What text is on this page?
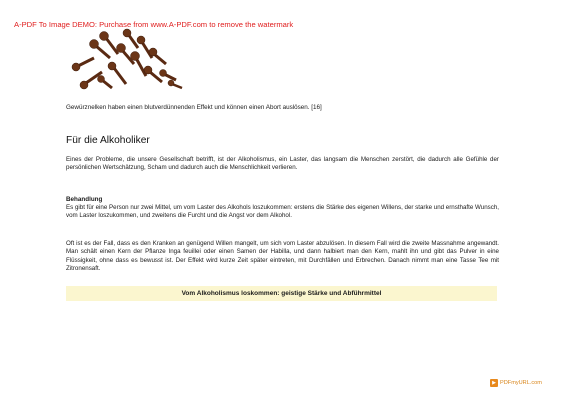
A-PDF To Image DEMO: Purchase from www.A-PDF.com to remove the watermark
Gewürznelken haben einen blutverdünnenden Effekt und können einen Abort auslösen. [16]
Für die Alkoholiker

Eines der Probleme, die unsere Gesellschaft betrifft, ist der Alkoholismus, ein Laster, das langsam die Menschen zerstört, die dadurch alle Gefühle der persönlichen Wertschätzung, Scham und dadurch auch die Menschlichkeit verlieren.

Behandlung

Es gibt für eine Person nur zwei Mittel, um vom Laster des Alkohols loszukommen: erstens die Stärke des eigenen Willens, der starke und ernsthafte Wunsch, vom Laster loszukommen, und zweitens die Furcht und die Angst vor dem Alkohol.

Oft ist es der Fall, dass es den Kranken an genügend Willen mangelt, um sich vom Laster abzulösen. In diesem Fall wird die zweite Massnahme angewandt. Man schält einen Kern der Pflanze Inga feuillei oder einen Samen der Habilla, und dann halbiert man den Kern, mahlt ihn und gibt das Pulver in eine Flüssigkeit, ohne dass es bewusst ist. Der Effekt wird kurze Zeit später eintreten, mit Durchfällen und Erbrechen. Danach nimmt man eine Tasse Tee mit Zitronensaft.

Vom Alkoholismus loskommen: geistige Stärke und Abführmittel
▶ PDFmyURL.com
